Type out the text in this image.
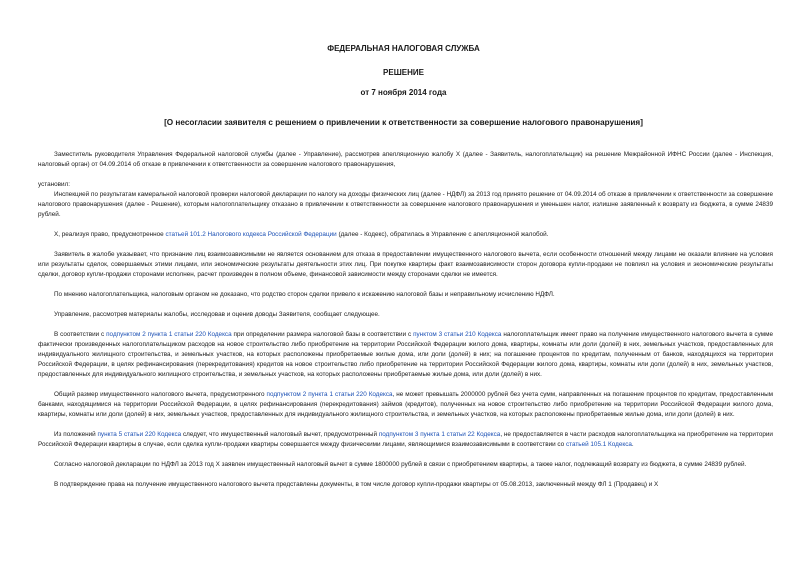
ФЕДЕРАЛЬНАЯ НАЛОГОВАЯ СЛУЖБА
РЕШЕНИЕ
от 7 ноября 2014 года
[О несогласии заявителя с решением о привлечении к ответственности за совершение налогового правонарушения]

Заместитель руководителя Управления Федеральной налоговой службы (далее - Управление), рассмотрев апелляционную жалобу Х (далее - Заявитель, налогоплательщик) на решение Межрайонной ИФНС России (далее - Инспекция, налоговый орган) от 04.09.2014 об отказе в привлечении к ответственности за совершение налогового правонарушения,

установил:

Инспекцией по результатам камеральной налоговой проверки налоговой декларации по налогу на доходы физических лиц (далее - НДФЛ) за 2013 год принято решение от 04.09.2014 об отказе в привлечении к ответственности за совершение налогового правонарушения (далее - Решение), которым налогоплательщику отказано в привлечении к ответственности за совершение налогового правонарушения и уменьшен налог, излишне заявленный к возврату из бюджета, в сумме 24839 рублей.

Х, реализуя право, предусмотренное статьей 101.2 Налогового кодекса Российской Федерации (далее - Кодекс), обратилась в Управление с апелляционной жалобой.

Заявитель в жалобе указывает, что признание лиц взаимозависимыми не является основанием для отказа в предоставлении имущественного налогового вычета, если особенности отношений между лицами не оказали влияние на условия или результаты сделок, совершаемых этими лицами, или экономические результаты деятельности этих лиц. При покупке квартиры факт взаимозависимости сторон договора купли-продажи не повлиял на условия и экономические результаты сделки, договор купли-продажи сторонами исполнен, расчет произведен в полном объеме, финансовой зависимости между сторонами сделки не имеется.

По мнению налогоплательщика, налоговым органом не доказано, что родство сторон сделки привело к искажению налоговой базы и неправильному исчислению НДФЛ.

Управление, рассмотрев материалы жалобы, исследовав и оценив доводы Заявителя, сообщает следующее.

В соответствии с подпунктом 2 пункта 1 статьи 220 Кодекса при определении размера налоговой базы в соответствии с пунктом 3 статьи 210 Кодекса налогоплательщик имеет право на получение имущественного налогового вычета в сумме фактически произведенных налогоплательщиком расходов на новое строительство либо приобретение на территории Российской Федерации жилого дома, квартиры, комнаты или доли (долей) в них, земельных участков, предоставленных для индивидуального жилищного строительства, и земельных участков, на которых расположены приобретаемые жилые дома, или доли (долей) в них; на погашение процентов по кредитам, полученным от банков, находящихся на территории Российской Федерации, в целях рефинансирования (перекредитования) кредитов на новое строительство либо приобретение на территории Российской Федерации жилого дома, квартиры, комнаты или доли (долей) в них, земельных участков, предоставленных для индивидуального жилищного строительства, и земельных участков, на которых расположены приобретаемые жилые дома, или доли (долей) в них.

Общий размер имущественного налогового вычета, предусмотренного подпунктом 2 пункта 1 статьи 220 Кодекса, не может превышать 2000000 рублей без учета сумм, направленных на погашение процентов по кредитам, предоставленным банками, находящимися на территории Российской Федерации, в целях рефинансирования (перекредитования) займов (кредитов), полученных на новое строительство либо приобретение на территории Российской Федерации жилого дома, квартиры, комнаты или доли (долей) в них, земельных участков, предоставленных для индивидуального жилищного строительства, и земельных участков, на которых расположены приобретаемые жилые дома, или доли (долей) в них.

Из положений пункта 5 статьи 220 Кодекса следует, что имущественный налоговый вычет, предусмотренный подпунктом 3 пункта 1 статьи 22 Кодекса, не предоставляется в части расходов налогоплательщика на приобретение на территории Российской Федерации квартиры в случае, если сделка купли-продажи квартиры совершается между физическими лицами, являющимися взаимозависимыми в соответствии со статьей 105.1 Кодекса.

Согласно налоговой декларации по НДФЛ за 2013 год Х заявлен имущественный налоговый вычет в сумме 1800000 рублей в связи с приобретением квартиры, а также налог, подлежащий возврату из бюджета, в сумме 24839 рублей.

В подтверждение права на получение имущественного налогового вычета представлены документы, в том числе договор купли-продажи квартиры от 05.08.2013, заключенный между ФЛ 1 (Продавец) и Х
